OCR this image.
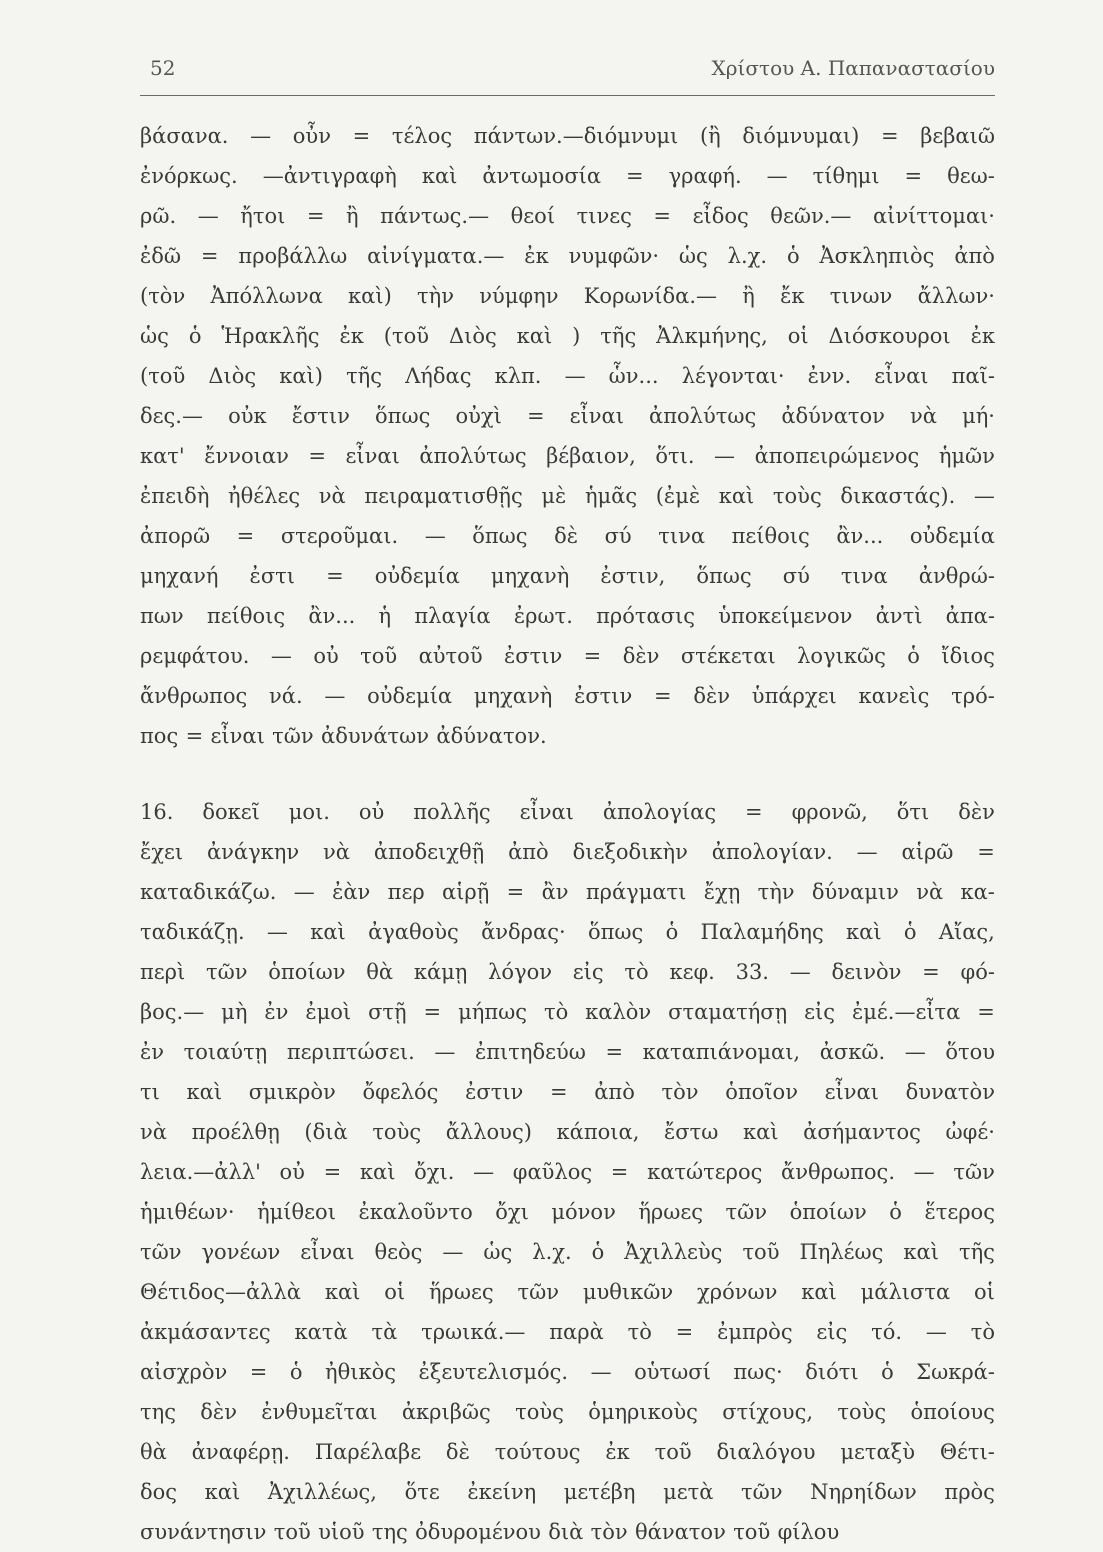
52	Χρίστου Α. Παπαναστασίου
βάσανα. — οὖν = τέλος πάντων.—διόμνυμι (ἢ διόμνυμαι) = βεβαιῶ
ἐνόρκως. —ἀντιγραφὴ καὶ ἀντωμοσία = γραφή. — τίθημι = θεω-
ρῶ. — ἤτοι = ἢ πάντως.— θεοί τινες = εἶδος θεῶν.— αἰνίττομαι·
ἐδῶ = προβάλλω αἰνίγματα.— ἐκ νυμφῶν· ὡς λ.χ. ὁ Ἀσκληπιὸς ἀπὸ
(τὸν Ἀπόλλωνα καὶ) τὴν νύμφην Κορωνίδα.— ἢ ἔκ τινων ἄλλων·
ὡς ὁ Ἡρακλῆς ἐκ (τοῦ Διὸς καὶ ) τῆς Ἀλκμήνης, οἱ Διόσκουροι ἐκ
(τοῦ Διὸς καὶ) τῆς Λήδας κλπ. — ὧν... λέγονται· ἐνν. εἶναι παῖ-
δες.— οὐκ ἔστιν ὅπως οὐχὶ = εἶναι ἀπολύτως ἀδύνατον νὰ μή·
κατ' ἔννοιαν = εἶναι ἀπολύτως βέβαιον, ὅτι. — ἀποπειρώμενος ἡμῶν
ἐπειδὴ ἠθέλες νὰ πειραματισθῇς μὲ ἡμᾶς (ἐμὲ καὶ τοὺς δικαστάς). —
ἀπορῶ = στεροῦμαι. — ὅπως δὲ σύ τινα πείθοις ἂν... οὐδεμία
μηχανή ἐστι = οὐδεμία μηχανὴ ἐστιν, ὅπως σύ τινα ἀνθρώ-
πων πείθοις ἂν... ἡ πλαγία ἐρωτ. πρότασις ὑποκείμενον ἀντὶ ἀπα-
ρεμφάτου. — οὐ τοῦ αὐτοῦ ἐστιν = δὲν στέκεται λογικῶς ὁ ἴδιος
ἄνθρωπος νά. — οὐδεμία μηχανὴ ἐστιν = δὲν ὑπάρχει κανεὶς τρό-
πος = εἶναι τῶν ἀδυνάτων ἀδύνατον.
16. δοκεῖ μοι. οὐ πολλῆς εἶναι ἀπολογίας = φρονῶ, ὅτι δὲν
ἔχει ἀνάγκην νὰ ἀποδειχθῇ ἀπὸ διεξοδικὴν ἀπολογίαν. — αἱρῶ =
καταδικάζω. — ἐὰν περ αἱρῇ = ἂν πράγματι ἔχῃ τὴν δύναμιν νὰ κα-
ταδικάζῃ. — καὶ ἀγαθοὺς ἄνδρας· ὅπως ὁ Παλαμήδης καὶ ὁ Αἴας,
περὶ τῶν ὁποίων θὰ κάμῃ λόγον εἰς τὸ κεφ. 33. — δεινὸν = φό-
βος.— μὴ ἐν ἐμοὶ στῇ = μήπως τὸ καλὸν σταματήσῃ εἰς ἐμέ.—εἶτα =
ἐν τοιαύτῃ περιπτώσει. — ἐπιτηδεύω = καταπιάνομαι, ἀσκῶ. — ὅτου
τι καὶ σμικρὸν ὄφελός ἐστιν = ἀπὸ τὸν ὁποῖον εἶναι δυνατὸν
νὰ προέλθῃ (διὰ τοὺς ἄλλους) κάποια, ἔστω καὶ ἀσήμαντος ὠφέ·
λεια.—ἀλλ' οὐ = καὶ ὄχι. — φαῦλος = κατώτερος ἄνθρωπος. — τῶν
ἡμιθέων· ἡμίθεοι ἐκαλοῦντο ὄχι μόνον ἥρωες τῶν ὁποίων ὁ ἕτερος
τῶν γονέων εἶναι θεὸς — ὡς λ.χ. ὁ Ἀχιλλεὺς τοῦ Πηλέως καὶ τῆς
Θέτιδος—ἀλλὰ καὶ οἱ ἥρωες τῶν μυθικῶν χρόνων καὶ μάλιστα οἱ
ἀκμάσαντες κατὰ τὰ τρωικά.— παρὰ τὸ = ἐμπρὸς εἰς τό. — τὸ
αἰσχρὸν = ὁ ἠθικὸς ἐξευτελισμός. — οὑτωσί πως· διότι ὁ Σωκρά-
της δὲν ἐνθυμεῖται ἀκριβῶς τοὺς ὁμηρικοὺς στίχους, τοὺς ὁποίους
θὰ ἀναφέρῃ. Παρέλαβε δὲ τούτους ἐκ τοῦ διαλόγου μεταξὺ Θέτι-
δος καὶ Ἀχιλλέως, ὅτε ἐκείνη μετέβη μετὰ τῶν Νηρηίδων πρὸς
συνάντησιν τοῦ υἱοῦ της ὀδυρομένου διὰ τὸν θάνατον τοῦ φίλου
